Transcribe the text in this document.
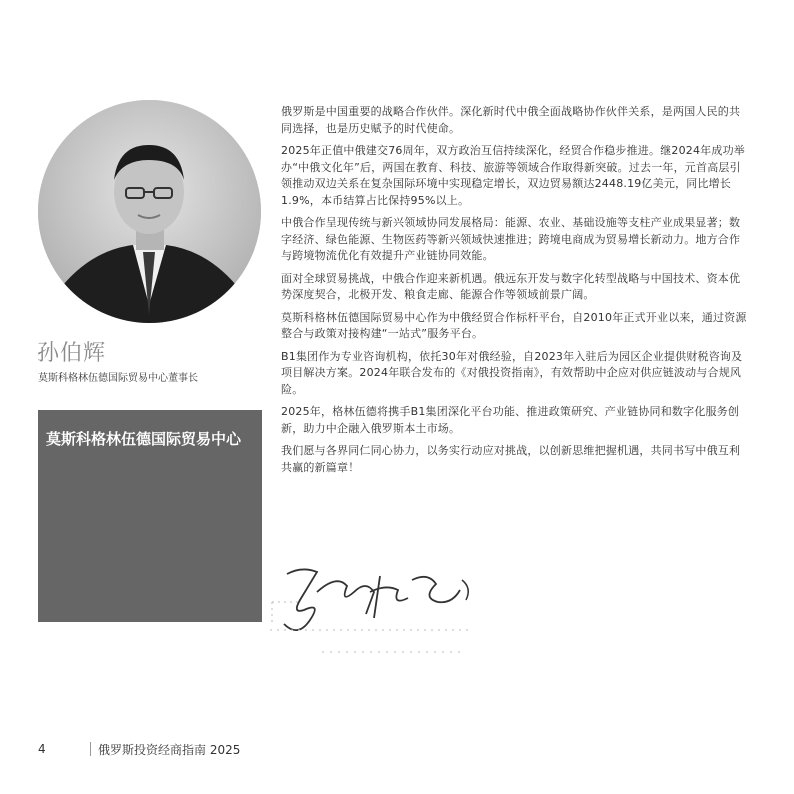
孙伯辉
莫斯科格林伍德国际贸易中心董事长
莫斯科格林伍德国际贸易中心

俄罗斯是中国重要的战略合作伙伴。深化新时代中俄全面战略协作伙伴关系，是两国人民的共同选择，也是历史赋予的时代使命。

2025年正值中俄建交76周年，双方政治互信持续深化，经贸合作稳步推进。继2024年成功举办“中俄文化年”后，两国在教育、科技、旅游等领域合作取得新突破。过去一年，元首高层引领推动双边关系在复杂国际环境中实现稳定增长，双边贸易额达2448.19亿美元，同比增长1.9%，本币结算占比保持95%以上。

中俄合作呈现传统与新兴领域协同发展格局：能源、农业、基础设施等支柱产业成果显著；数字经济、绿色能源、生物医药等新兴领域快速推进；跨境电商成为贸易增长新动力。地方合作与跨境物流优化有效提升产业链协同效能。

面对全球贸易挑战，中俄合作迎来新机遇。俄远东开发与数字化转型战略与中国技术、资本优势深度契合，北极开发、粮食走廊、能源合作等领域前景广阔。

莫斯科格林伍德国际贸易中心作为中俄经贸合作标杆平台，自2010年正式开业以来，通过资源整合与政策对接构建“一站式”服务平台。

B1集团作为专业咨询机构，依托30年对俄经验，自2023年入驻后为园区企业提供财税咨询及项目解决方案。2024年联合发布的《对俄投资指南》，有效帮助中企应对供应链波动与合规风险。

2025年，格林伍德将携手B1集团深化平台功能、推进政策研究、产业链协同和数字化服务创新，助力中企融入俄罗斯本土市场。

我们愿与各界同仁同心协力，以务实行动应对挑战，以创新思维把握机遇，共同书写中俄互利共赢的新篇章！

4	俄罗斯投资经商指南 2025
